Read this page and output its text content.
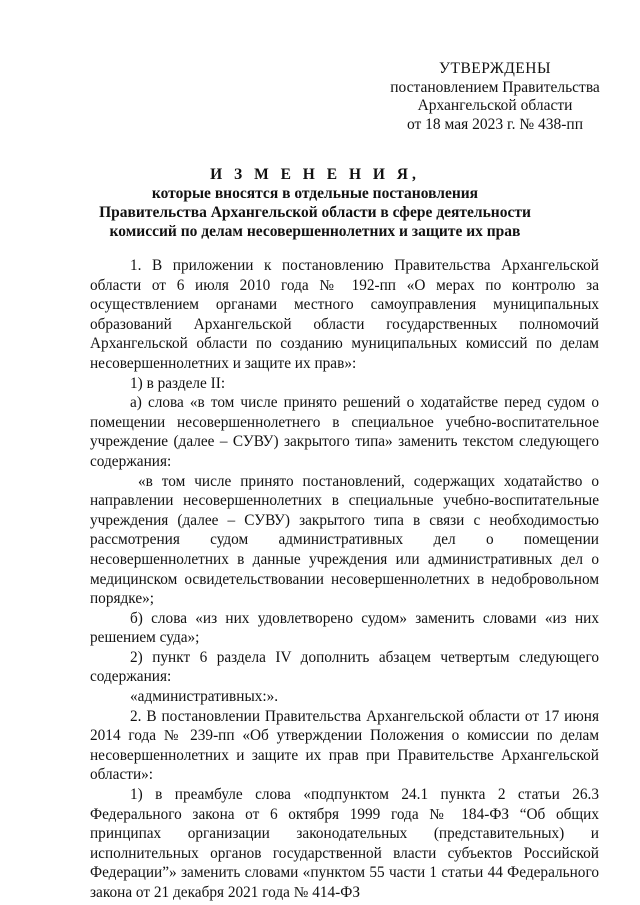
УТВЕРЖДЕНЫ
постановлением Правительства
Архангельской области
от 18 мая 2023 г. № 438-пп
И З М Е Н Е Н И Я,
которые вносятся в отдельные постановления
Правительства Архангельской области в сфере деятельности
комиссий по делам несовершеннолетних и защите их прав

1. В приложении к постановлению Правительства Архангельской области от 6 июля 2010 года № 192-пп «О мерах по контролю за осуществлением органами местного самоуправления муниципальных образований Архангельской области государственных полномочий Архангельской области по созданию муниципальных комиссий по делам несовершеннолетних и защите их прав»:

1) в разделе II:

а) слова «в том числе принято решений о ходатайстве перед судом о помещении несовершеннолетнего в специальное учебно-воспитательное учреждение (далее – СУВУ) закрытого типа» заменить текстом следующего содержания:

«в том числе принято постановлений, содержащих ходатайство о направлении несовершеннолетних в специальные учебно-воспитательные учреждения (далее – СУВУ) закрытого типа в связи с необходимостью рассмотрения судом административных дел о помещении несовершеннолетних в данные учреждения или административных дел о медицинском освидетельствовании несовершеннолетних в недобровольном порядке»;

б) слова «из них удовлетворено судом» заменить словами «из них решением суда»;

2) пункт 6 раздела IV дополнить абзацем четвертым следующего содержания:

«административных:».

2. В постановлении Правительства Архангельской области от 17 июня 2014 года № 239-пп «Об утверждении Положения о комиссии по делам несовершеннолетних и защите их прав при Правительстве Архангельской области»:

1) в преамбуле слова «подпунктом 24.1 пункта 2 статьи 26.3 Федерального закона от 6 октября 1999 года № 184-ФЗ “Об общих принципах организации законодательных (представительных) и исполнительных органов государственной власти субъектов Российской Федерации”» заменить словами «пунктом 55 части 1 статьи 44 Федерального закона от 21 декабря 2021 года № 414-ФЗ
